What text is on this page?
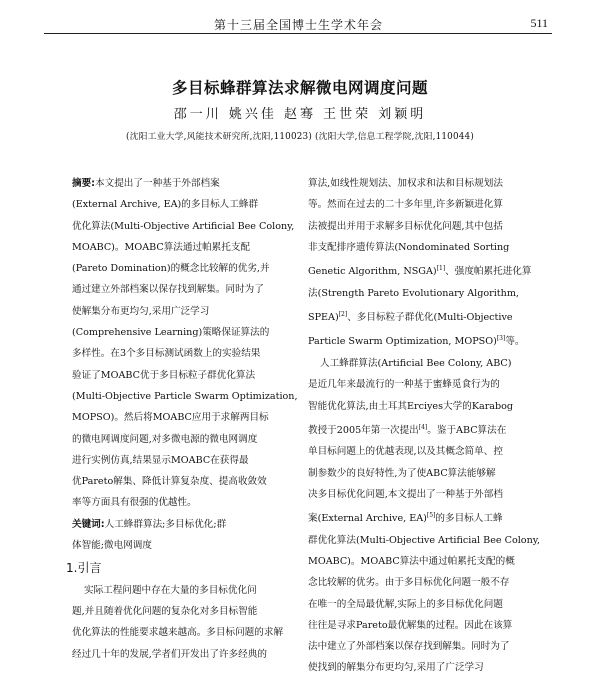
第十三届全国博士生学术年会	511
多目标蜂群算法求解微电网调度问题
邵一川 姚兴佳 赵骞 王世荣 刘颖明
(沈阳工业大学,风能技术研究所,沈阳,110023) (沈阳大学,信息工程学院,沈阳,110044)
摘要:本文提出了一种基于外部档案
(External Archive, EA)的多目标人工蜂群
优化算法(Multi-Objective Artificial Bee Colony,
MOABC)。MOABC算法通过帕累托支配
(Pareto Domination)的概念比较解的优劣,并
通过建立外部档案以保存找到解集。同时为了
使解集分布更均匀,采用广泛学习
(Comprehensive Learning)策略保证算法的
多样性。在3个多目标测试函数上的实验结果
验证了MOABC优于多目标粒子群优化算法
(Multi-Objective Particle Swarm Optimization,
MOPSO)。然后将MOABC应用于求解两目标
的微电网调度问题,对多微电源的微电网调度
进行实例仿真,结果显示MOABC在获得最
优Pareto解集、降低计算复杂度、提高收敛效
率等方面具有很强的优越性。
关键词:人工蜂群算法;多目标优化;群
体智能;微电网调度
1.引言
实际工程问题中存在大量的多目标优化问
题,并且随着优化问题的复杂化对多目标智能
优化算法的性能要求越来越高。多目标问题的求解
经过几十年的发展,学者们开发出了许多经典的
算法,如线性规划法、加权求和法和目标规划法
等。然而在过去的二十多年里,许多新颖进化算
法被提出并用于求解多目标优化问题,其中包括
非支配排序遗传算法(Nondominated Sorting
Genetic Algorithm, NSGA)[1]、强度帕累托进化算
法(Strength Pareto Evolutionary Algorithm,
SPEA)[2]、多目标粒子群优化(Multi-Objective
Particle Swarm Optimization, MOPSO)[3]等。
人工蜂群算法(Artificial Bee Colony, ABC)
是近几年来最流行的一种基于蜜蜂觅食行为的
智能优化算法,由土耳其Erciyes大学的Karabog
教授于2005年第一次提出[4]。鉴于ABC算法在
单目标问题上的优越表现,以及其概念简单、控
制参数少的良好特性,为了使ABC算法能够解
决多目标优化问题,本文提出了一种基于外部档
案(External Archive, EA)[5]的多目标人工蜂
群优化算法(Multi-Objective Artificial Bee Colony,
MOABC)。MOABC算法中通过帕累托支配的概
念比较解的优劣。由于多目标优化问题一般不存
在唯一的全局最优解,实际上的多目标优化问题
往往是寻求Pareto最优解集的过程。因此在该算
法中建立了外部档案以保存找到解集。同时为了
使找到的解集分布更均匀,采用了广泛学习
